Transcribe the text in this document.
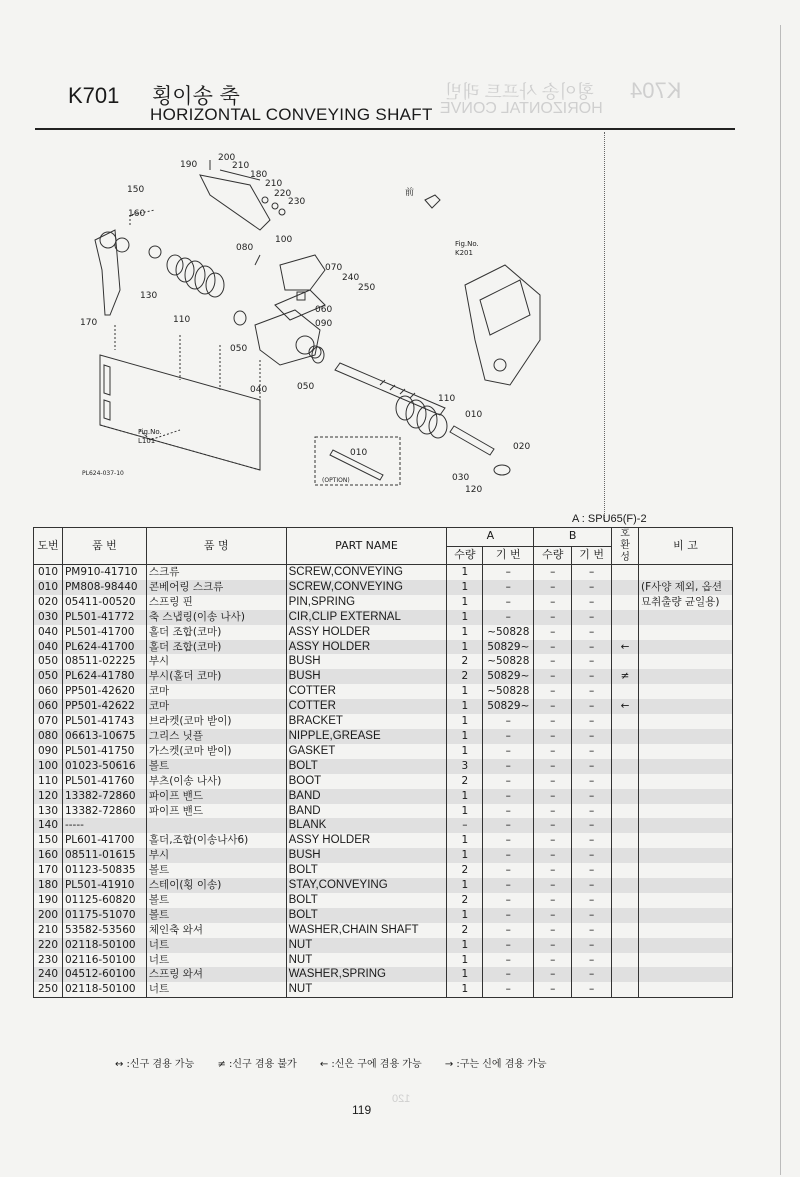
K704
횡이송 사프트 래빈
HORIZONTAL CONVE
120
K701 횡이송 축
HORIZONTAL CONVEYING SHAFT
前
190
200
210
180
210
220
230
150
160
100
080
070
240
250
130
110
060
090
170
050
040	050
110
010
020
010
030
120
Fig.No.
K201
Fig.No.
L101
(OPTION)
PL624-037-10
A : SPU65(F)-2
도번	품 번	품 명	PART NAME	A		B		호
환
성	비 고
				수량	기 번	수량	기 번		
010	PM910-41710	스크류	SCREW,CONVEYING	1	–	–	–		
010	PM808-98440	콘베어링 스크류	SCREW,CONVEYING	1	–	–	–		(F사양 제외, 옵션
020	05411-00520	스프링 핀	PIN,SPRING	1	–	–	–		묘취출량 균일용)
030	PL501-41772	축 스냅링(이송 나사)	CIR,CLIP EXTERNAL	1	–	–	–		
040	PL501-41700	홀더 조합(코마)	ASSY HOLDER	1	~50828	–	–		
040	PL624-41700	홀더 조합(코마)	ASSY HOLDER	1	50829~	–	–	←	
050	08511-02225	부시	BUSH	2	~50828	–	–		
050	PL624-41780	부시(홀더 코마)	BUSH	2	50829~	–	–	≠	
060	PP501-42620	코마	COTTER	1	~50828	–	–		
060	PP501-42622	코마	COTTER	1	50829~	–	–	←	
070	PL501-41743	브라켓(코마 받이)	BRACKET	1	–	–	–		
080	06613-10675	그리스 닛플	NIPPLE,GREASE	1	–	–	–		
090	PL501-41750	가스켓(코마 받이)	GASKET	1	–	–	–		
100	01023-50616	볼트	BOLT	3	–	–	–		
110	PL501-41760	부츠(이송 나사)	BOOT	2	–	–	–		
120	13382-72860	파이프 밴드	BAND	1	–	–	–		
130	13382-72860	파이프 밴드	BAND	1	–	–	–		
140	-----		BLANK	–	–	–	–		
150	PL601-41700	홀더,조합(이송나사6)	ASSY HOLDER	1	–	–	–		
160	08511-01615	부시	BUSH	1	–	–	–		
170	01123-50835	볼트	BOLT	2	–	–	–		
180	PL501-41910	스테이(횡 이송)	STAY,CONVEYING	1	–	–	–		
190	01125-60820	볼트	BOLT	2	–	–	–		
200	01175-51070	볼트	BOLT	1	–	–	–		
210	53582-53560	체인축 와셔	WASHER,CHAIN SHAFT	2	–	–	–		
220	02118-50100	너트	NUT	1	–	–	–		
230	02116-50100	너트	NUT	1	–	–	–		
240	04512-60100	스프링 와셔	WASHER,SPRING	1	–	–	–		
250	02118-50100	너트	NUT	1	–	–	–		
↔ :신구 겸용 가능 ≠ :신구 겸용 불가 ← :신은 구에 겸용 가능 → :구는 신에 겸용 가능
119
